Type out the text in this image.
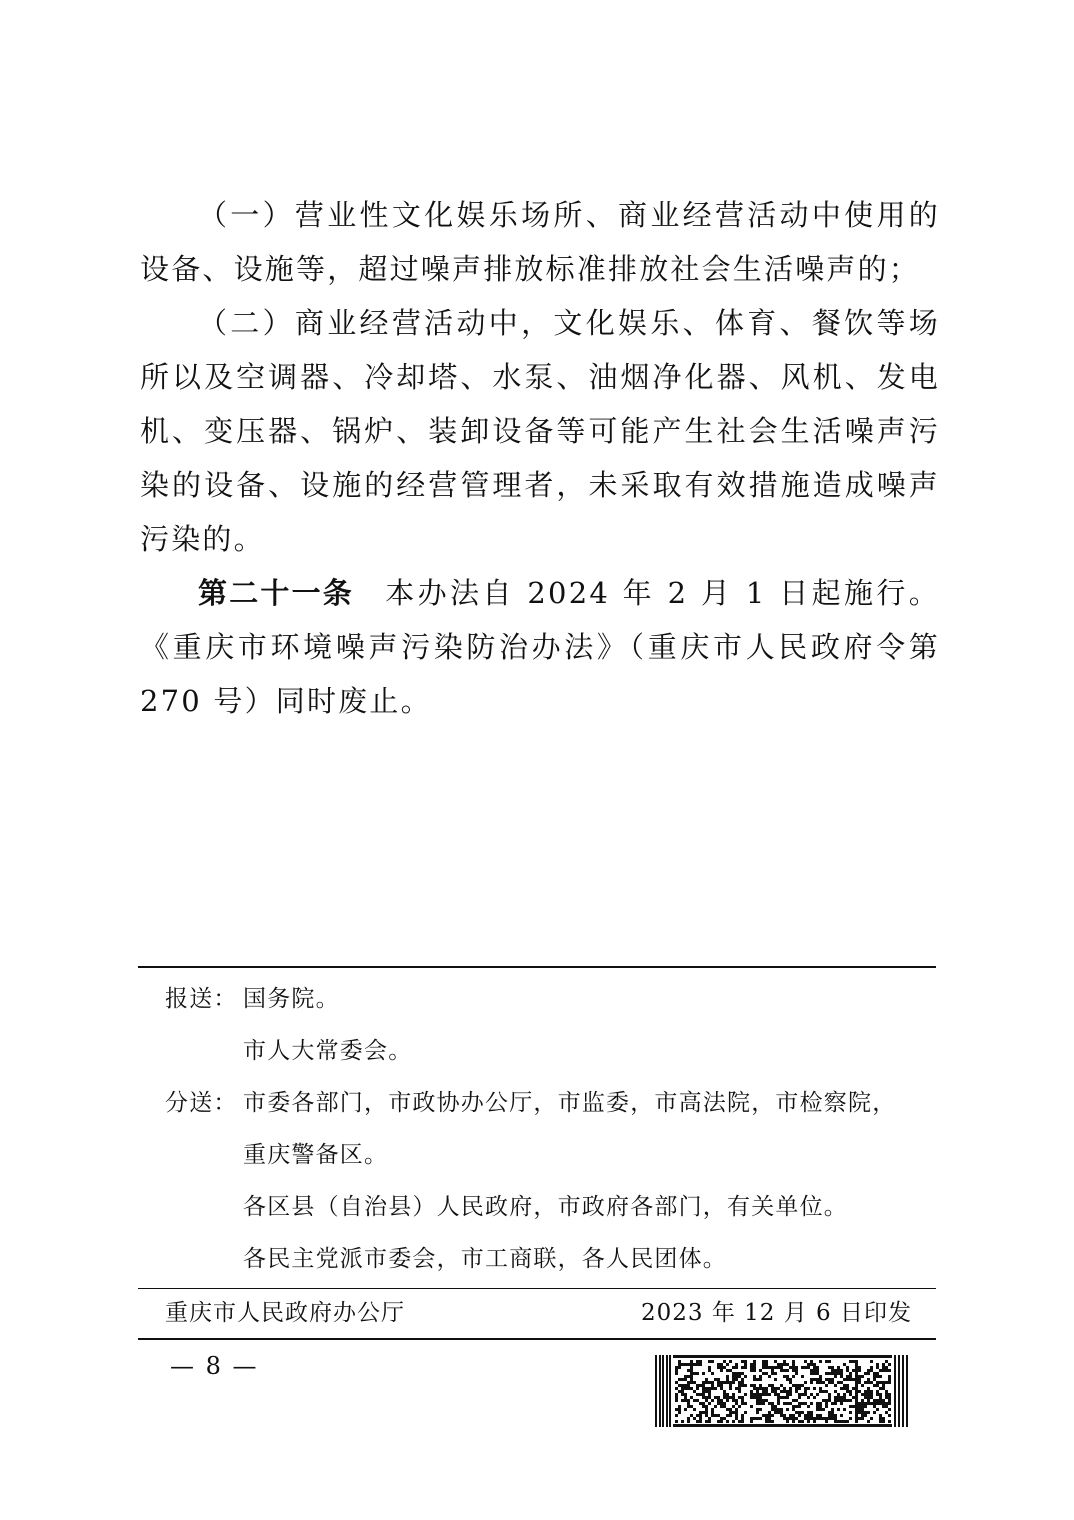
（一）营业性文化娱乐场所、商业经营活动中使用的设备、设施等，超过噪声排放标准排放社会生活噪声的；

（二）商业经营活动中，文化娱乐、体育、餐饮等场所以及空调器、冷却塔、水泵、油烟净化器、风机、发电机、变压器、锅炉、装卸设备等可能产生社会生活噪声污染的设备、设施的经营管理者，未采取有效措施造成噪声污染的。

第二十一条 本办法自 2024 年 2 月 1 日起施行。《重庆市环境噪声污染防治办法》（重庆市人民政府令第 270 号）同时废止。

报送： 国务院。
市人大常委会。
分送： 市委各部门，市政协办公厅，市监委，市高法院，市检察院，
重庆警备区。
各区县（自治县）人民政府，市政府各部门，有关单位。
各民主党派市委会，市工商联，各人民团体。
重庆市人民政府办公厅	2023 年 12 月 6 日印发
— 8 —
